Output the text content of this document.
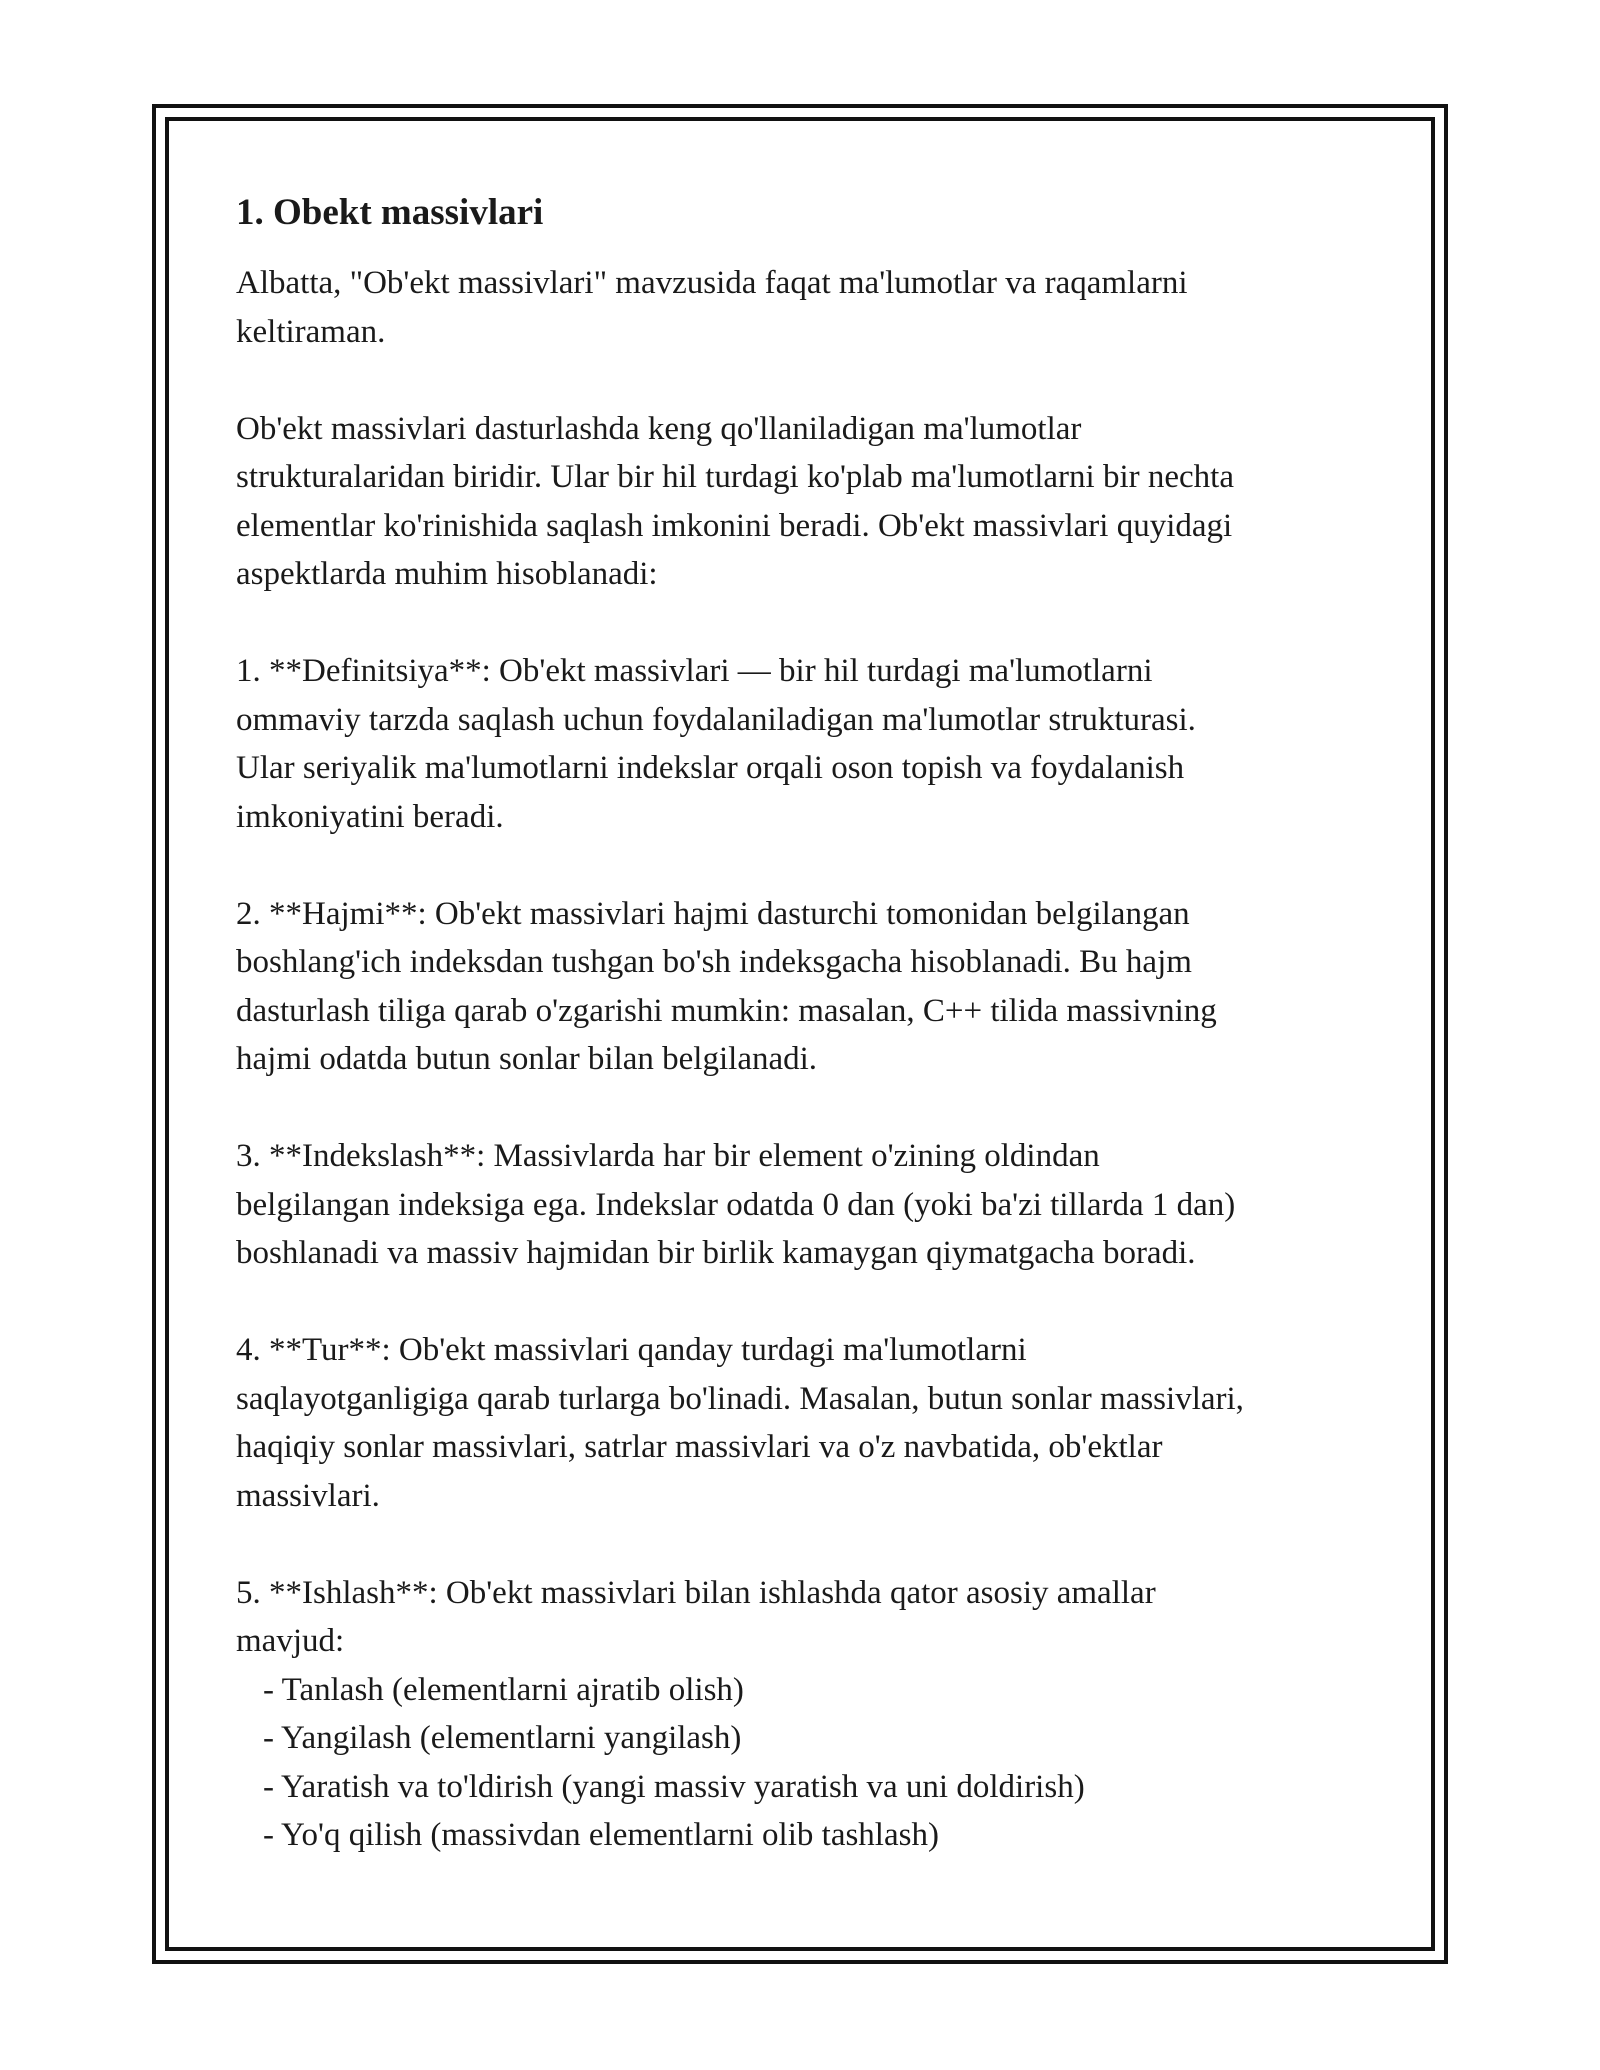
1. Obekt massivlari

Albatta, "Ob'ekt massivlari" mavzusida faqat ma'lumotlar va raqamlarni
keltiraman.

Ob'ekt massivlari dasturlashda keng qo'llaniladigan ma'lumotlar
strukturalaridan biridir. Ular bir hil turdagi ko'plab ma'lumotlarni bir nechta
elementlar ko'rinishida saqlash imkonini beradi. Ob'ekt massivlari quyidagi
aspektlarda muhim hisoblanadi:

1. **Definitsiya**: Ob'ekt massivlari — bir hil turdagi ma'lumotlarni
ommaviy tarzda saqlash uchun foydalaniladigan ma'lumotlar strukturasi.
Ular seriyalik ma'lumotlarni indekslar orqali oson topish va foydalanish
imkoniyatini beradi.

2. **Hajmi**: Ob'ekt massivlari hajmi dasturchi tomonidan belgilangan
boshlang'ich indeksdan tushgan bo'sh indeksgacha hisoblanadi. Bu hajm
dasturlash tiliga qarab o'zgarishi mumkin: masalan, C++ tilida massivning
hajmi odatda butun sonlar bilan belgilanadi.

3. **Indekslash**: Massivlarda har bir element o'zining oldindan
belgilangan indeksiga ega. Indekslar odatda 0 dan (yoki ba'zi tillarda 1 dan)
boshlanadi va massiv hajmidan bir birlik kamaygan qiymatgacha boradi.

4. **Tur**: Ob'ekt massivlari qanday turdagi ma'lumotlarni
saqlayotganligiga qarab turlarga bo'linadi. Masalan, butun sonlar massivlari,
haqiqiy sonlar massivlari, satrlar massivlari va o'z navbatida, ob'ektlar
massivlari.

5. **Ishlash**: Ob'ekt massivlari bilan ishlashda qator asosiy amallar
mavjud:

- Tanlash (elementlarni ajratib olish)
- Yangilash (elementlarni yangilash)
- Yaratish va to'ldirish (yangi massiv yaratish va uni doldirish)
- Yo'q qilish (massivdan elementlarni olib tashlash)
